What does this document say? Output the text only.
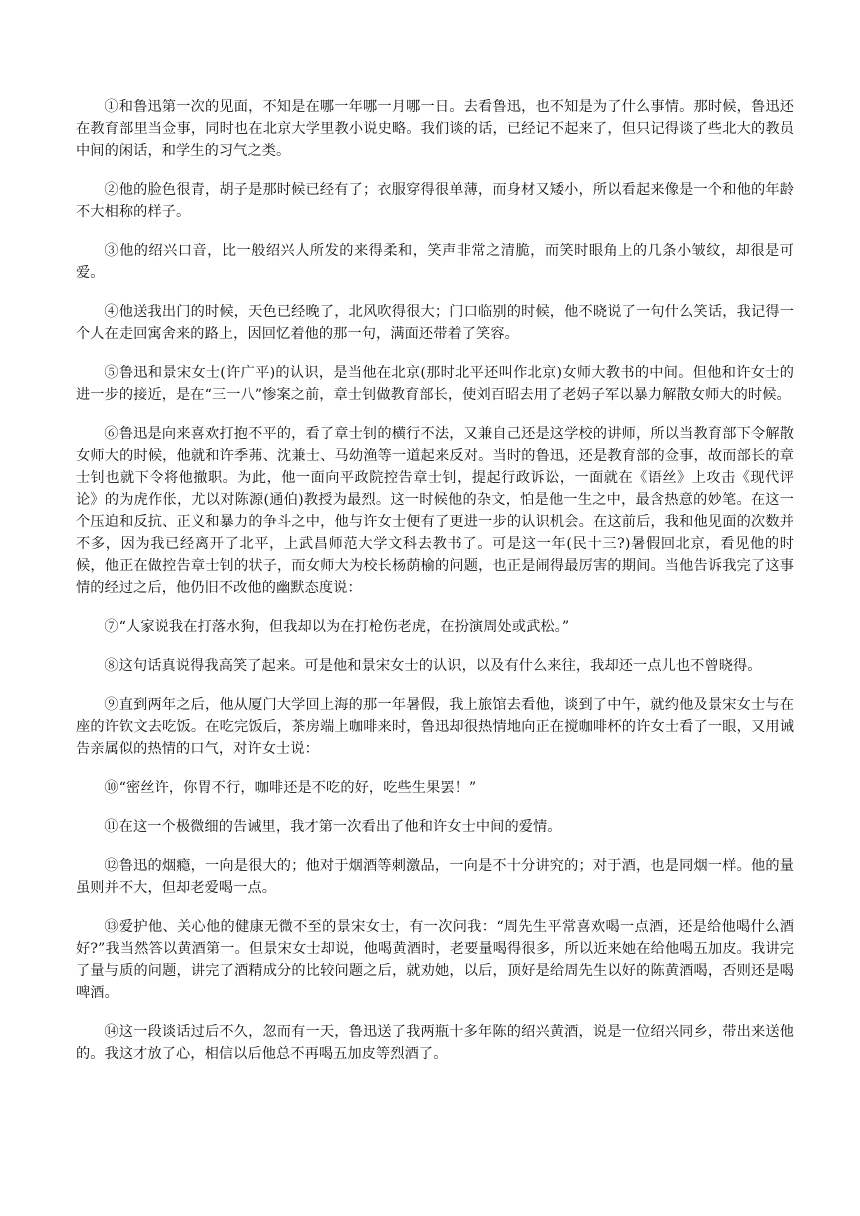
①和鲁迅第一次的见面，不知是在哪一年哪一月哪一日。去看鲁迅，也不知是为了什么事情。那时候，鲁迅还在教育部里当佥事，同时也在北京大学里教小说史略。我们谈的话，已经记不起来了，但只记得谈了些北大的教员中间的闲话，和学生的习气之类。

②他的脸色很青，胡子是那时候已经有了；衣服穿得很单薄，而身材又矮小，所以看起来像是一个和他的年龄不大相称的样子。

③他的绍兴口音，比一般绍兴人所发的来得柔和，笑声非常之清脆，而笑时眼角上的几条小皱纹，却很是可爱。

④他送我出门的时候，天色已经晚了，北风吹得很大；门口临别的时候，他不晓说了一句什么笑话，我记得一个人在走回寓舍来的路上，因回忆着他的那一句，满面还带着了笑容。

⑤鲁迅和景宋女士(许广平)的认识，是当他在北京(那时北平还叫作北京)女师大教书的中间。但他和许女士的进一步的接近，是在“三一八”惨案之前，章士钊做教育部长，使刘百昭去用了老妈子军以暴力解散女师大的时候。

⑥鲁迅是向来喜欢打抱不平的，看了章士钊的横行不法，又兼自己还是这学校的讲师，所以当教育部下令解散女师大的时候，他就和许季茀、沈兼士、马幼渔等一道起来反对。当时的鲁迅，还是教育部的佥事，故而部长的章士钊也就下令将他撤职。为此，他一面向平政院控告章士钊，提起行政诉讼，一面就在《语丝》上攻击《现代评论》的为虎作伥，尤以对陈源(通伯)教授为最烈。这一时候他的杂文，怕是他一生之中，最含热意的妙笔。在这一个压迫和反抗、正义和暴力的争斗之中，他与许女士便有了更进一步的认识机会。在这前后，我和他见面的次数并不多，因为我已经离开了北平，上武昌师范大学文科去教书了。可是这一年(民十三?)暑假回北京，看见他的时候，他正在做控告章士钊的状子，而女师大为校长杨荫榆的问题，也正是闹得最厉害的期间。当他告诉我完了这事情的经过之后，他仍旧不改他的幽默态度说：

⑦“人家说我在打落水狗，但我却以为在打枪伤老虎，在扮演周处或武松。”

⑧这句话真说得我高笑了起来。可是他和景宋女士的认识，以及有什么来往，我却还一点儿也不曾晓得。

⑨直到两年之后，他从厦门大学回上海的那一年暑假，我上旅馆去看他，谈到了中午，就约他及景宋女士与在座的许钦文去吃饭。在吃完饭后，茶房端上咖啡来时，鲁迅却很热情地向正在搅咖啡杯的许女士看了一眼，又用诫告亲属似的热情的口气，对许女士说：

⑩“密丝许，你胃不行，咖啡还是不吃的好，吃些生果罢！”

⑪在这一个极微细的告诫里，我才第一次看出了他和许女士中间的爱情。

⑫鲁迅的烟瘾，一向是很大的；他对于烟酒等刺激品，一向是不十分讲究的；对于酒，也是同烟一样。他的量虽则并不大，但却老爱喝一点。

⑬爱护他、关心他的健康无微不至的景宋女士，有一次问我：“周先生平常喜欢喝一点酒，还是给他喝什么酒好?”我当然答以黄酒第一。但景宋女士却说，他喝黄酒时，老要量喝得很多，所以近来她在给他喝五加皮。我讲完了量与质的问题，讲完了酒精成分的比较问题之后，就劝她，以后，顶好是给周先生以好的陈黄酒喝，否则还是喝啤酒。

⑭这一段谈话过后不久，忽而有一天，鲁迅送了我两瓶十多年陈的绍兴黄酒，说是一位绍兴同乡，带出来送他的。我这才放了心，相信以后他总不再喝五加皮等烈酒了。
